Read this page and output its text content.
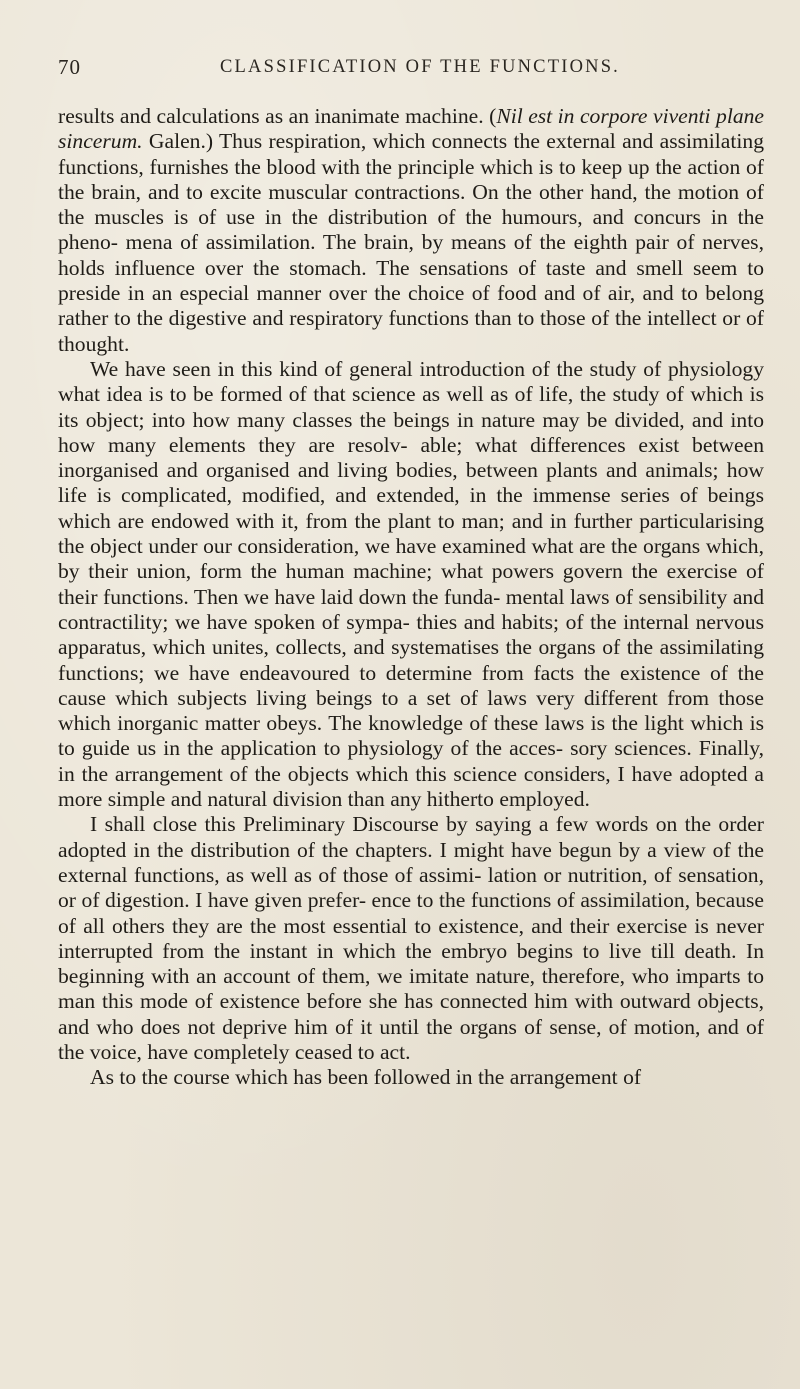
70	CLASSIFICATION OF THE FUNCTIONS.

results and calculations as an inanimate machine. (Nil est in corpore viventi plane sincerum. Galen.) Thus respiration, which connects the external and assimilating functions, furnishes the blood with the principle which is to keep up the action of the brain, and to excite muscular contractions. On the other hand, the motion of the muscles is of use in the distribution of the humours, and concurs in the pheno- mena of assimilation. The brain, by means of the eighth pair of nerves, holds influence over the stomach. The sensations of taste and smell seem to preside in an especial manner over the choice of food and of air, and to belong rather to the digestive and respiratory functions than to those of the intellect or of thought.

We have seen in this kind of general introduction of the study of physiology what idea is to be formed of that science as well as of life, the study of which is its object; into how many classes the beings in nature may be divided, and into how many elements they are resolv- able; what differences exist between inorganised and organised and living bodies, between plants and animals; how life is complicated, modified, and extended, in the immense series of beings which are endowed with it, from the plant to man; and in further particularising the object under our consideration, we have examined what are the organs which, by their union, form the human machine; what powers govern the exercise of their functions. Then we have laid down the funda- mental laws of sensibility and contractility; we have spoken of sympa- thies and habits; of the internal nervous apparatus, which unites, collects, and systematises the organs of the assimilating functions; we have endeavoured to determine from facts the existence of the cause which subjects living beings to a set of laws very different from those which inorganic matter obeys. The knowledge of these laws is the light which is to guide us in the application to physiology of the acces- sory sciences. Finally, in the arrangement of the objects which this science considers, I have adopted a more simple and natural division than any hitherto employed.

I shall close this Preliminary Discourse by saying a few words on the order adopted in the distribution of the chapters. I might have begun by a view of the external functions, as well as of those of assimi- lation or nutrition, of sensation, or of digestion. I have given prefer- ence to the functions of assimilation, because of all others they are the most essential to existence, and their exercise is never interrupted from the instant in which the embryo begins to live till death. In beginning with an account of them, we imitate nature, therefore, who imparts to man this mode of existence before she has connected him with outward objects, and who does not deprive him of it until the organs of sense, of motion, and of the voice, have completely ceased to act.

As to the course which has been followed in the arrangement of
